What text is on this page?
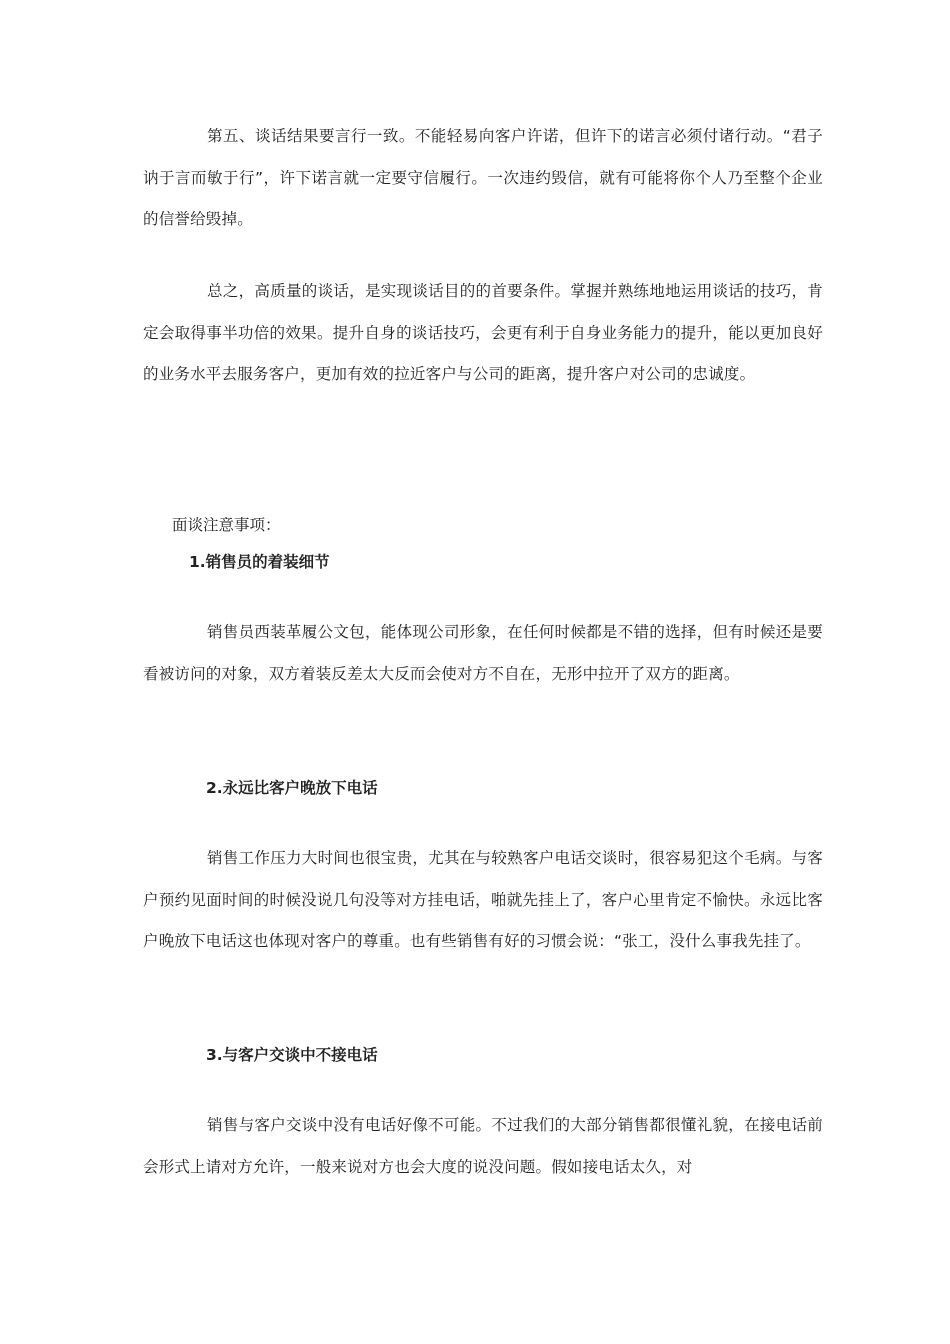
第五、谈话结果要言行一致。不能轻易向客户许诺，但许下的诺言必须付诸行动。“君子讷于言而敏于行”，许下诺言就一定要守信履行。一次违约毁信，就有可能将你个人乃至整个企业的信誉给毁掉。

总之，高质量的谈话，是实现谈话目的的首要条件。掌握并熟练地地运用谈话的技巧，肯定会取得事半功倍的效果。提升自身的谈话技巧，会更有利于自身业务能力的提升，能以更加良好的业务水平去服务客户，更加有效的拉近客户与公司的距离，提升客户对公司的忠诚度。

面谈注意事项：

1.销售员的着装细节

销售员西装革履公文包，能体现公司形象，在任何时候都是不错的选择，但有时候还是要看被访问的对象，双方着装反差太大反而会使对方不自在，无形中拉开了双方的距离。

2.永远比客户晚放下电话

销售工作压力大时间也很宝贵，尤其在与较熟客户电话交谈时，很容易犯这个毛病。与客户预约见面时间的时候没说几句没等对方挂电话，啪就先挂上了，客户心里肯定不愉快。永远比客户晚放下电话这也体现对客户的尊重。也有些销售有好的习惯会说：“张工，没什么事我先挂了。

3.与客户交谈中不接电话

销售与客户交谈中没有电话好像不可能。不过我们的大部分销售都很懂礼貌，在接电话前会形式上请对方允许，一般来说对方也会大度的说没问题。假如接电话太久，对
